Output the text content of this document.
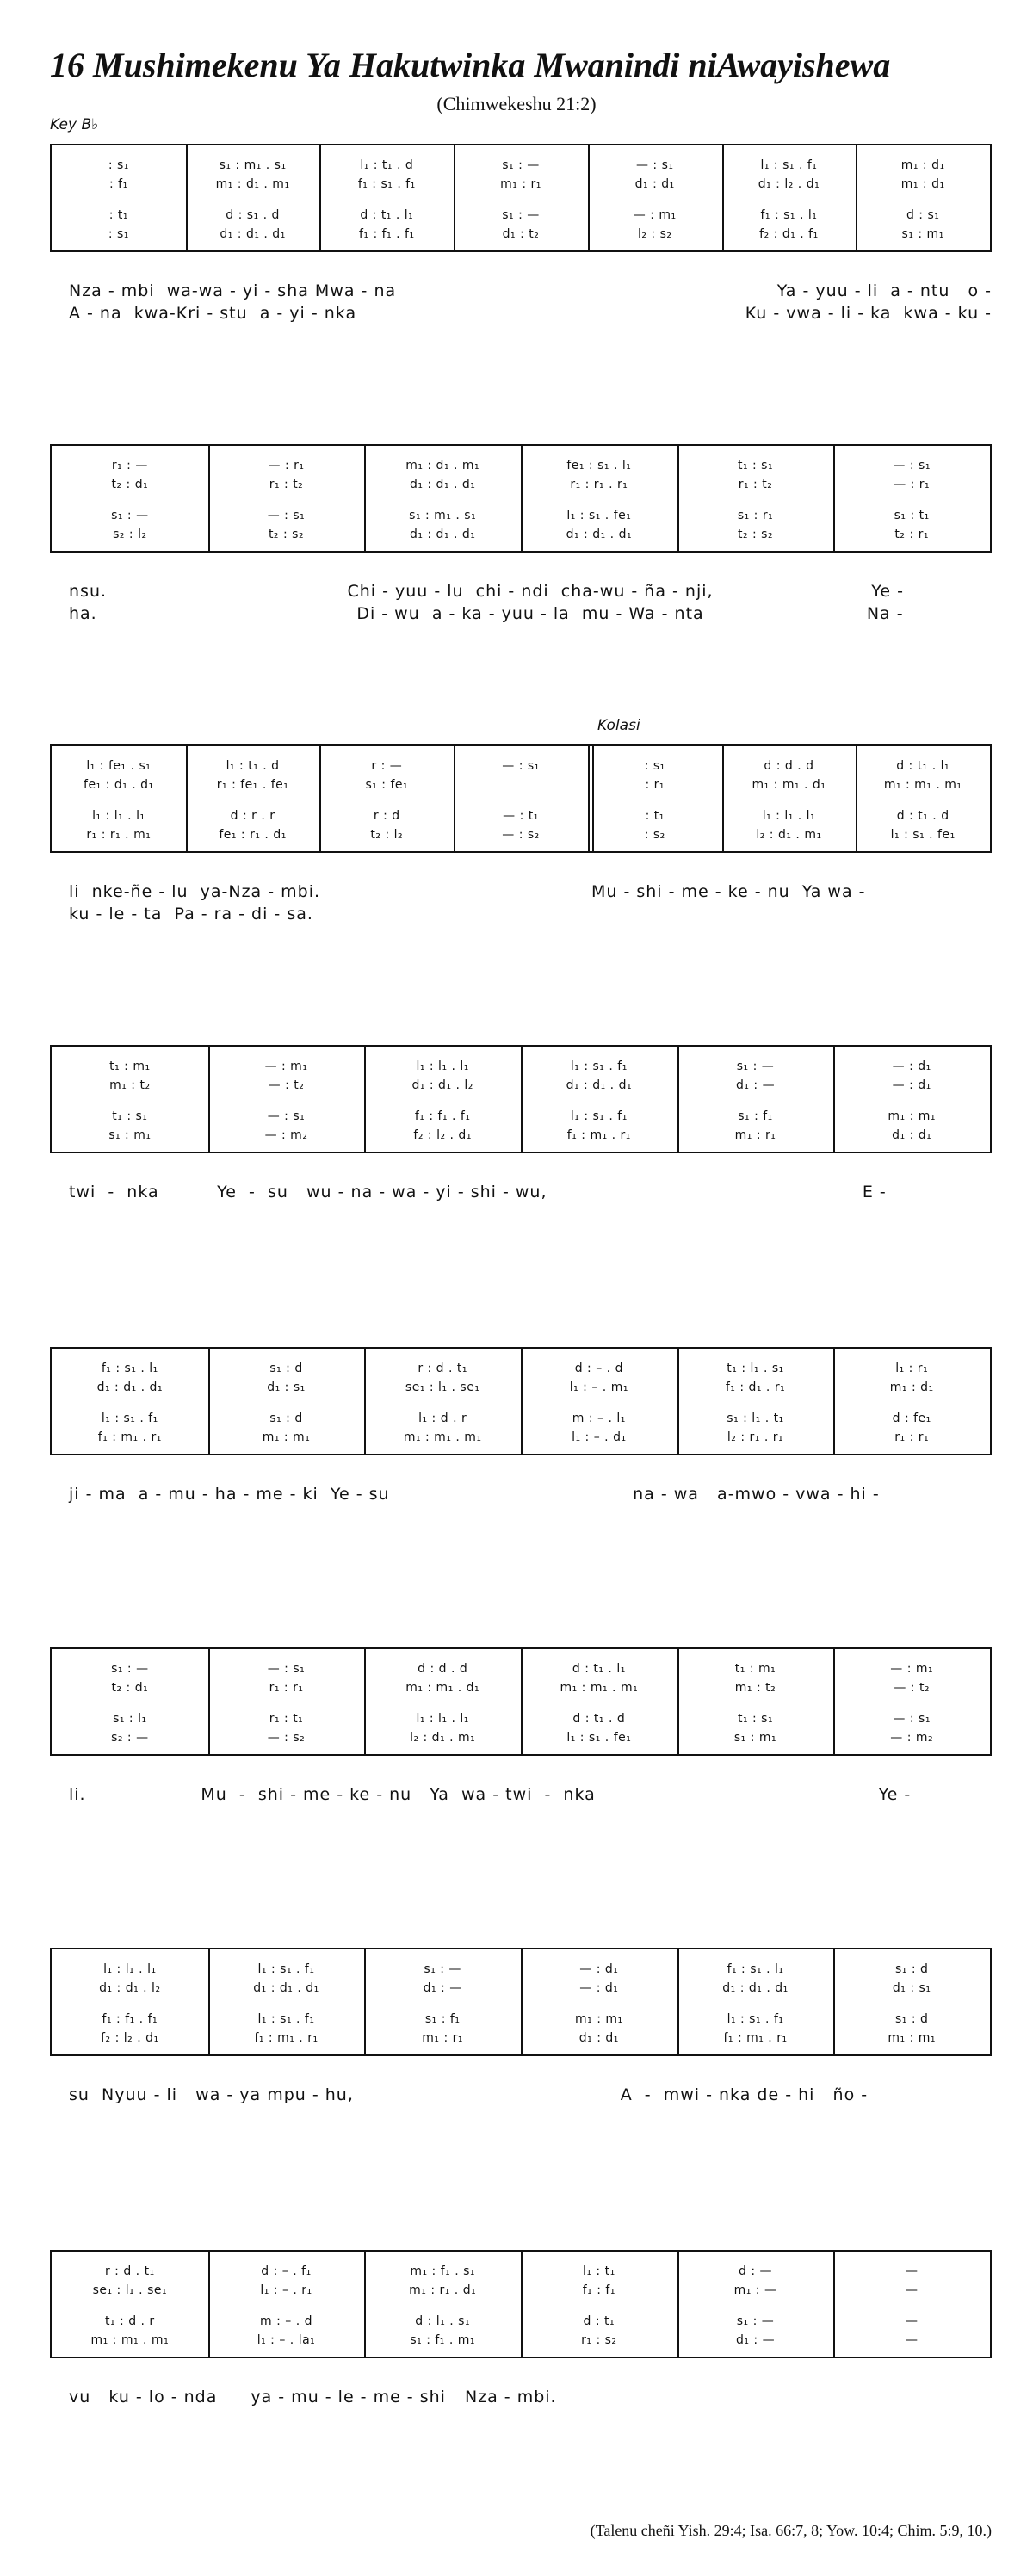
16 Mushimekenu Ya Hakutwinka Mwanindi niAwayishewa
(Chimwekeshu 21:2)
Key B♭
Kolasi
: s₁	s₁ : m₁ . s₁	l₁ : t₁ . d	s₁ : —	— : s₁	l₁ : s₁ . f₁	m₁ : d₁
: f₁	m₁ : d₁ . m₁	f₁ : s₁ . f₁	m₁ : r₁	d₁ : d₁	d₁ : l₂ . d₁	m₁ : d₁
: t₁	d : s₁ . d	d : t₁ . l₁	s₁ : —	— : m₁	f₁ : s₁ . l₁	d : s₁
: s₁	d₁ : d₁ . d₁	f₁ : f₁ . f₁	d₁ : t₂	l₂ : s₂	f₂ : d₁ . f₁	s₁ : m₁
Nza - mbi  wa-wa - yi - sha Mwa - na	Ya - yuu - li  a - ntu   o -
A - na  kwa-Kri - stu  a - yi - nka	Ku - vwa - li - ka  kwa - ku -
r₁ : —	— : r₁	m₁ : d₁ . m₁	fe₁ : s₁ . l₁	t₁ : s₁	— : s₁
t₂ : d₁	r₁ : t₂	d₁ : d₁ . d₁	r₁ : r₁ . r₁	r₁ : t₂	— : r₁
s₁ : —	— : s₁	s₁ : m₁ . s₁	l₁ : s₁ . fe₁	s₁ : r₁	s₁ : t₁
s₂ : l₂	t₂ : s₂	d₁ : d₁ . d₁	d₁ : d₁ . d₁	t₂ : s₂	t₂ : r₁
nsu.	Chi - yuu - lu  chi - ndi  cha-wu - ña - nji,	Ye -
ha.	Di - wu  a - ka - yuu - la  mu - Wa - nta	Na -
l₁ : fe₁ . s₁	l₁ : t₁ . d	r : —	— : s₁	: s₁	d : d . d	d : t₁ . l₁
fe₁ : d₁ . d₁	r₁ : fe₁ . fe₁	s₁ : fe₁	: r₁	m₁ : m₁ . d₁	m₁ : m₁ . m₁
l₁ : l₁ . l₁	d : r . r	r : d	— : t₁	: t₁	l₁ : l₁ . l₁	d : t₁ . d
r₁ : r₁ . m₁	fe₁ : r₁ . d₁	t₂ : l₂	— : s₂	: s₂	l₂ : d₁ . m₁	l₁ : s₁ . fe₁
li  nke-ñe - lu  ya-Nza - mbi.	Mu - shi - me - ke - nu  Ya wa -
ku - le - ta  Pa - ra - di - sa.
t₁ : m₁	— : m₁	l₁ : l₁ . l₁	l₁ : s₁ . f₁	s₁ : —	— : d₁
m₁ : t₂	— : t₂	d₁ : d₁ . l₂	d₁ : d₁ . d₁	d₁ : —	— : d₁
t₁ : s₁	— : s₁	f₁ : f₁ . f₁	l₁ : s₁ . f₁	s₁ : f₁	m₁ : m₁
s₁ : m₁	— : m₂	f₂ : l₂ . d₁	f₁ : m₁ . r₁	m₁ : r₁	d₁ : d₁
twi  -  nka	Ye  -  su   wu - na - wa - yi - shi - wu,	E -
f₁ : s₁ . l₁	s₁ : d	r : d . t₁	d : – . d	t₁ : l₁ . s₁	l₁ : r₁
d₁ : d₁ . d₁	d₁ : s₁	se₁ : l₁ . se₁	l₁ : – . m₁	f₁ : d₁ . r₁	m₁ : d₁
l₁ : s₁ . f₁	s₁ : d	l₁ : d . r	m : – . l₁	s₁ : l₁ . t₁	d : fe₁
f₁ : m₁ . r₁	m₁ : m₁	m₁ : m₁ . m₁	l₁ : – . d₁	l₂ : r₁ . r₁	r₁ : r₁
ji - ma  a - mu - ha - me - ki  Ye - su	na - wa   a-mwo - vwa - hi -
s₁ : —	— : s₁	d : d . d	d : t₁ . l₁	t₁ : m₁	— : m₁
t₂ : d₁	r₁ : r₁	m₁ : m₁ . d₁	m₁ : m₁ . m₁	m₁ : t₂	— : t₂
s₁ : l₁	r₁ : t₁	l₁ : l₁ . l₁	d : t₁ . d	t₁ : s₁	— : s₁
s₂ : —	— : s₂	l₂ : d₁ . m₁	l₁ : s₁ . fe₁	s₁ : m₁	— : m₂
li.	Mu  -  shi - me - ke - nu   Ya  wa - twi  -  nka	Ye -
l₁ : l₁ . l₁	l₁ : s₁ . f₁	s₁ : —	— : d₁	f₁ : s₁ . l₁	s₁ : d
d₁ : d₁ . l₂	d₁ : d₁ . d₁	d₁ : —	— : d₁	d₁ : d₁ . d₁	d₁ : s₁
f₁ : f₁ . f₁	l₁ : s₁ . f₁	s₁ : f₁	m₁ : m₁	l₁ : s₁ . f₁	s₁ : d
f₂ : l₂ . d₁	f₁ : m₁ . r₁	m₁ : r₁	d₁ : d₁	f₁ : m₁ . r₁	m₁ : m₁
su  Nyuu - li   wa - ya mpu - hu,	A  -  mwi - nka de - hi   ño -
r : d . t₁	d : – . f₁	m₁ : f₁ . s₁	l₁ : t₁	d : —	—
se₁ : l₁ . se₁	l₁ : – . r₁	m₁ : r₁ . d₁	f₁ : f₁	m₁ : —	—
t₁ : d . r	m : – . d	d : l₁ . s₁	d : t₁	s₁ : —	—
m₁ : m₁ . m₁	l₁ : – . la₁	s₁ : f₁ . m₁	r₁ : s₂	d₁ : —	—
vu   ku - lo - nda	ya - mu - le - me - shi	Nza - mbi.
(Talenu cheñi Yish. 29:4; Isa. 66:7, 8; Yow. 10:4; Chim. 5:9, 10.)
